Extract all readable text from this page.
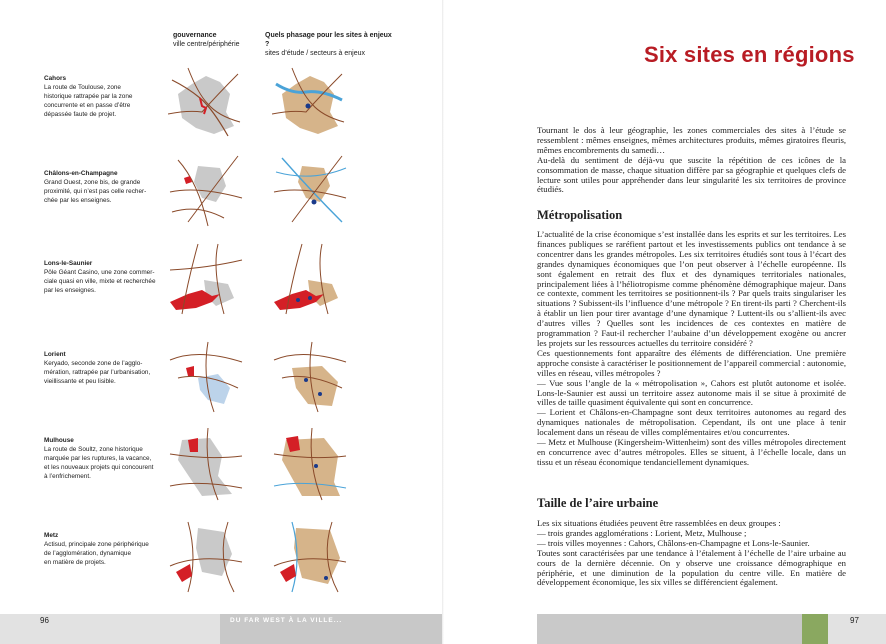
gouvernance
ville centre/périphérie
Quels phasage pour les sites à enjeux ?
sites d’étude / secteurs à enjeux
Cahors
La route de Toulouse, zone
historique rattrapée par la zone
concurrente et en passe d’être
dépassée faute de projet.
Châlons-en-Champagne
Grand Ouest, zone bis, de grande
proximité, qui n’est pas celle recher-
chée par les enseignes.
Lons-le-Saunier
Pôle Géant Casino, une zone commer-
ciale quasi en ville, mixte et recherchée
par les enseignes.
Lorient
Keryado, seconde zone de l’agglo-
mération, rattrapée par l’urbanisation,
vieillissante et peu lisible.
Mulhouse
La route de Soultz, zone historique
marquée par les ruptures, la vacance,
et les nouveaux projets qui concourent
à l’enfrichement.
Metz
Actisud, principale zone périphérique
de l’agglomération, dynamique
en matière de projets.
96	DU FAR WEST À LA VILLE...
Six sites en régions

Tournant le dos à leur géographie, les zones commerciales des sites à l’étude se ressemblent : mêmes enseignes, mêmes architectures produits, mêmes giratoires fleuris, mêmes encombrements du samedi…

Au-delà du sentiment de déjà-vu que suscite la répétition de ces icônes de la consommation de masse, chaque situation diffère par sa géographie et quelques clefs de lecture sont utiles pour appréhender dans leur singularité les six territoires de province étudiés.

Métropolisation

L’actualité de la crise économique s’est installée dans les esprits et sur les territoires. Les finances publiques se raréfient partout et les investissements publics ont tendance à se concentrer dans les grandes métropoles. Les six territoires étudiés sont tous à l’écart des grandes dynamiques économiques que l’on peut observer à l’échelle européenne. Ils sont également en retrait des flux et des dynamiques territoriales nationales, principalement liées à l’héliotropisme comme phénomène démographique majeur. Dans ce contexte, comment les territoires se positionnent-ils ? Par quels traits singulariser les situations ? Subissent-ils l’influence d’une métropole ? En tirent-ils parti ? Cherchent-ils à établir un lien pour tirer avantage d’une dynamique ? Luttent-ils ou s’allient-ils avec d’autres villes ? Quelles sont les incidences de ces contextes en matière de programmation ? Faut-il rechercher l’aubaine d’un développement exogène ou ancrer les projets sur les ressources actuelles du territoire considéré ?

Ces questionnements font apparaître des éléments de différenciation. Une première approche consiste à caractériser le positionnement de l’appareil commercial : autonomie, villes en réseau, villes métropoles ?

— Vue sous l’angle de la « métropolisation », Cahors est plutôt autonome et isolée. Lons-le-Saunier est aussi un territoire assez autonome mais il se situe à proximité de villes de taille quasiment équivalente qui sont en concurrence.

— Lorient et Châlons-en-Champagne sont deux territoires autonomes au regard des dynamiques nationales de métropolisation. Cependant, ils ont une place à tenir localement dans un réseau de villes complémentaires et/ou concurrentes.

— Metz et Mulhouse (Kingersheim-Wittenheim) sont des villes métropoles directement en concurrence avec d’autres métropoles. Elles se situent, à l’échelle locale, dans un tissu et un réseau économique tendanciellement dynamiques.

Taille de l’aire urbaine

Les six situations étudiées peuvent être rassemblées en deux groupes :

— trois grandes agglomérations : Lorient, Metz, Mulhouse ;

— trois villes moyennes : Cahors, Châlons-en-Champagne et Lons-le-Saunier.

Toutes sont caractérisées par une tendance à l’étalement à l’échelle de l’aire urbaine au cours de la dernière décennie. On y observe une croissance démographique en périphérie, et une diminution de la population du centre ville. En matière de développement économique, les six villes se différencient également.

97
